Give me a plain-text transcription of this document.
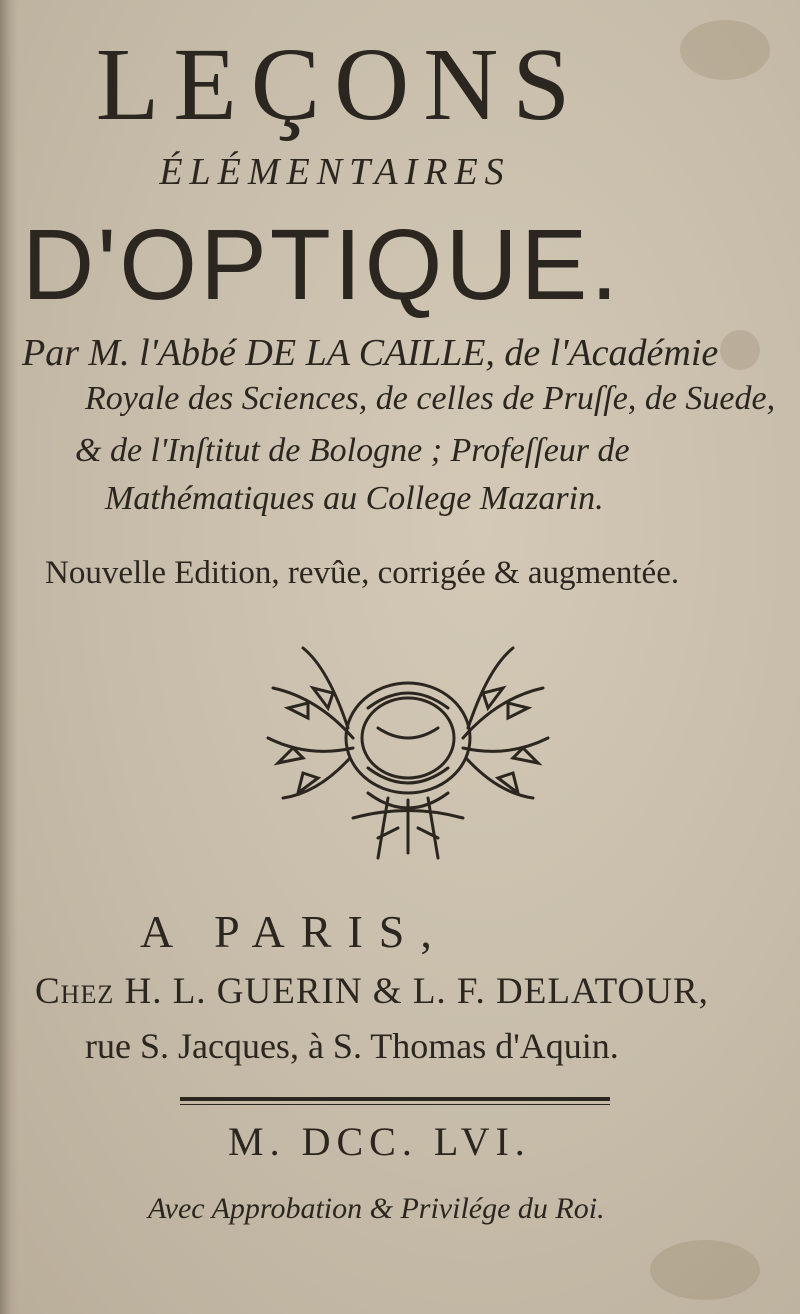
LEÇONS
ÉLÉMENTAIRES
D'OPTIQUE.
Par M. l'Abbé DE LA CAILLE, de l'Académie
Royale des Sciences, de celles de Pruſſe, de Suede,
& de l'Inſtitut de Bologne ; Profeſſeur de
Mathématiques au College Mazarin.
Nouvelle Edition, revûe, corrigée & augmentée.
A PARIS,
Chez H. L. GUERIN & L. F. DELATOUR,
rue S. Jacques, à S. Thomas d'Aquin.
M. DCC. LVI.
Avec Approbation & Privilége du Roi.
